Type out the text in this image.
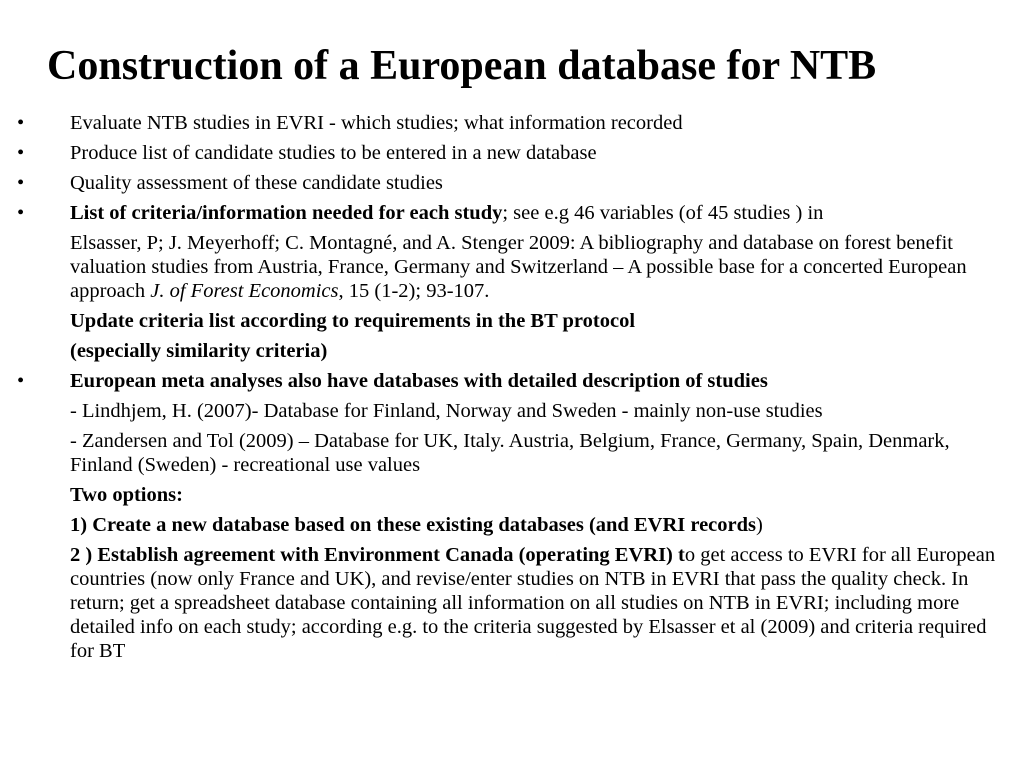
Construction of a European database for NTB
• Evaluate NTB studies in EVRI - which studies; what information recorded
• Produce list of candidate studies to be entered in a new database
• Quality assessment of these candidate studies
• List of criteria/information needed for each study; see e.g 46 variables (of 45 studies ) in
Elsasser, P; J. Meyerhoff; C. Montagné, and A. Stenger 2009: A bibliography and database on forest benefit valuation studies from Austria, France, Germany and Switzerland – A possible base for a concerted European approach J. of Forest Economics, 15 (1-2); 93-107.
Update criteria list according to requirements in the BT protocol
(especially similarity criteria)
• European meta analyses also have databases with detailed description of studies
- Lindhjem, H. (2007)- Database for Finland, Norway and Sweden - mainly non-use studies
- Zandersen and Tol (2009) – Database for UK, Italy. Austria, Belgium, France, Germany, Spain, Denmark, Finland (Sweden) - recreational use values
Two options:
1) Create a new database based on these existing databases (and EVRI records)
2 ) Establish agreement with Environment Canada (operating EVRI) to get access to EVRI for all European countries (now only France and UK), and revise/enter studies on NTB in EVRI that pass the quality check. In return; get a spreadsheet database containing all information on all studies on NTB in EVRI; including more detailed info on each study; according e.g. to the criteria suggested by Elsasser et al (2009) and criteria required for BT
